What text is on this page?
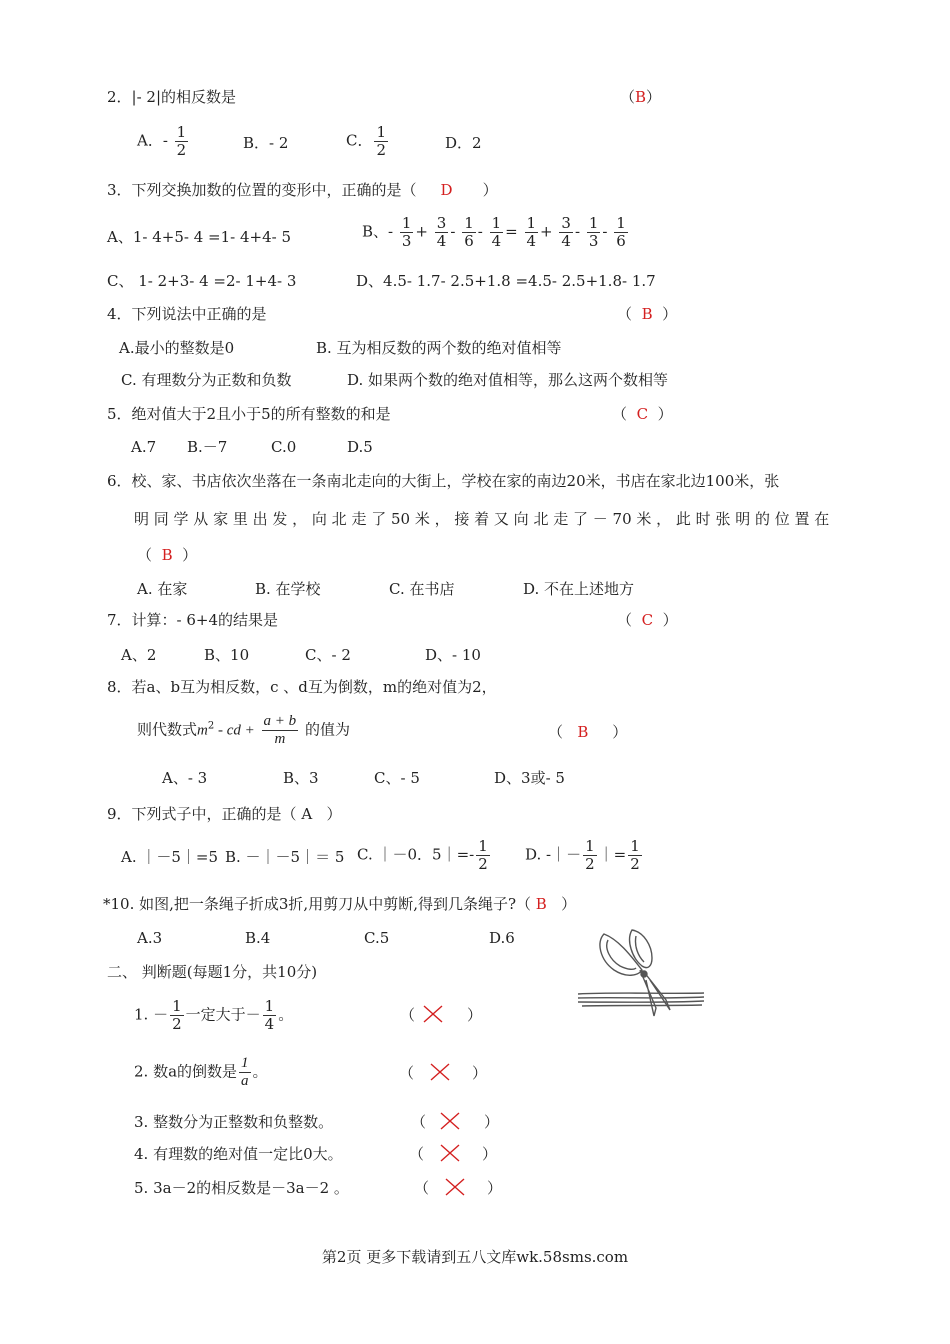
2．|- 2|的相反数是	（B）
A．- $\frac{1}{2}$	B．- 2	C． $\frac{1}{2}$	D．2
3．下列交换加数的位置的变形中，正确的是（ D ）
A、1- 4+5- 4 =1- 4+4- 5	B、- $\frac{1}{3} + \frac{3}{4} - \frac{1}{6} - \frac{1}{4} = \frac{1}{4} + \frac{3}{4} - \frac{1}{3} - \frac{1}{6}$
C、 1- 2+3- 4 =2- 1+4- 3	D、4.5- 1.7- 2.5+1.8 =4.5- 2.5+1.8- 1.7
4．下列说法中正确的是	（ B ）
A.最小的整数是0	B. 互为相反数的两个数的绝对值相等
C. 有理数分为正数和负数	D. 如果两个数的绝对值相等，那么这两个数相等
5．绝对值大于2且小于5的所有整数的和是	（ C ）
A.7 B.－7	C.0	D.5
6．校、家、书店依次坐落在一条南北走向的大街上，学校在家的南边20米，书店在家北边100米，张
明 同 学 从 家 里 出 发 ， 向 北 走 了 50 米 ， 接 着 又 向 北 走 了 － 70 米 ， 此 时 张 明 的 位 置 在
（ B ）
A. 在家	B. 在学校	C. 在书店	D. 不在上述地方
7．计算：- 6+4的结果是	（ C ）
A、2	B、10	C、- 2	D、- 10
8．若a、b互为相反数，c 、d互为倒数，m的绝对值为2，
则代数式$m^2$ - cd + $\frac{a + b}{m}$ 的值为	（ B ）
A、- 3	B、3	C、- 5	D、3或- 5
9．下列式子中，正确的是（ A ）
A. ｜－5｜=5 B. －｜－5｜＝ 5 C. ｜－0．5｜=- $\frac{1}{2} D$. -｜－ $\frac{1}{2}$ ｜= $\frac{1}{2}$
*10. 如图,把一条绳子折成3折,用剪刀从中剪断,得到几条绳子?（ B ）
A.3	B.4	C.5	D.6
二、 判断题(每题1分，共10分)
1. － $\frac{1}{2}$ 一定大于－ $\frac{1}{4}$ 。	（	）
2. 数a的倒数是 $\frac{1}{a}$ 。	（	）
3. 整数分为正整数和负整数。	（	）
4. 有理数的绝对值一定比0大。	（	）
5. 3a－2的相反数是－3a－2 。	（	）
第2页 更多下载请到五八文库wk.58sms.com
